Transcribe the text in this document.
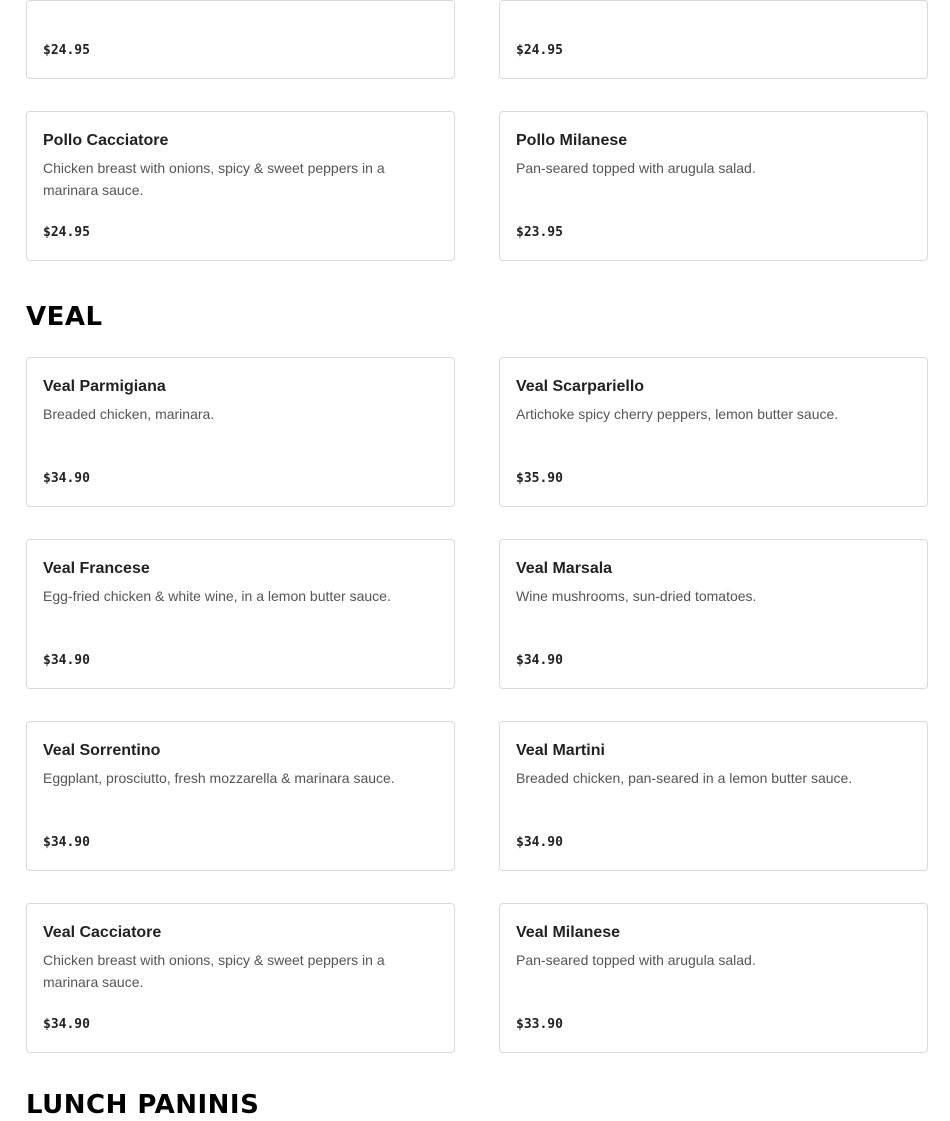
$24.95	$24.95
Pollo Cacciatore
Chicken breast with onions, spicy & sweet peppers in a marinara sauce.
$24.95
Pollo Milanese
Pan-seared topped with arugula salad.
$23.95
VEAL
Veal Parmigiana
Breaded chicken, marinara.
$34.90
Veal Scarpariello
Artichoke spicy cherry peppers, lemon butter sauce.
$35.90
Veal Francese
Egg-fried chicken & white wine, in a lemon butter sauce.
$34.90
Veal Marsala
Wine mushrooms, sun-dried tomatoes.
$34.90
Veal Sorrentino
Eggplant, prosciutto, fresh mozzarella & marinara sauce.
$34.90
Veal Martini
Breaded chicken, pan-seared in a lemon butter sauce.
$34.90
Veal Cacciatore
Chicken breast with onions, spicy & sweet peppers in a marinara sauce.
$34.90
Veal Milanese
Pan-seared topped with arugula salad.
$33.90
LUNCH PANINIS
